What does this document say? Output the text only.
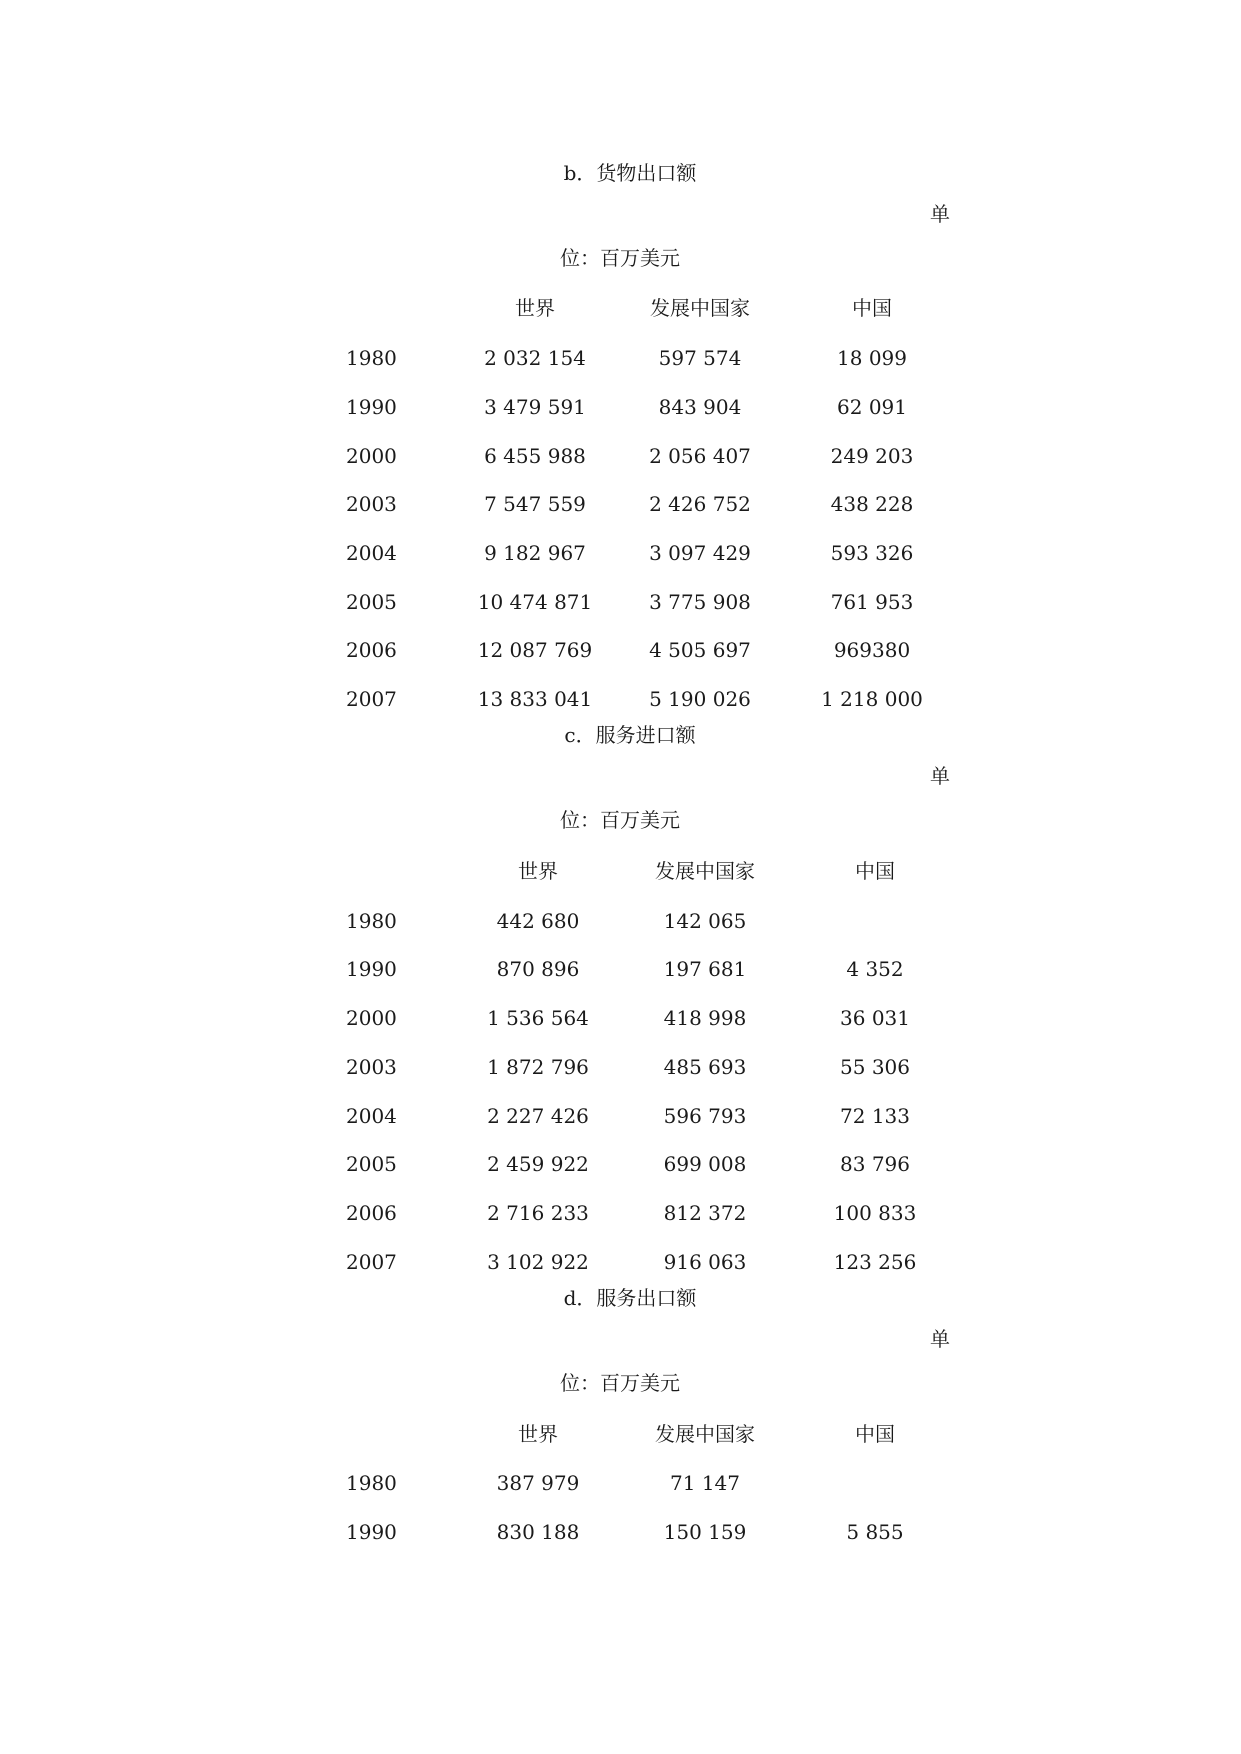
b．货物出口额
单
位：百万美元
世界	发展中国家	中国
1980	2 032 154	597 574	18 099
1990	3 479 591	843 904	62 091
2000	6 455 988	2 056 407	249 203
2003	7 547 559	2 426 752	438 228
2004	9 182 967	3 097 429	593 326
2005	10 474 871	3 775 908	761 953
2006	12 087 769	4 505 697	969380
2007	13 833 041	5 190 026	1 218 000
c．服务进口额
单
位：百万美元
世界	发展中国家	中国
1980	442 680	142 065
1990	870 896	197 681	4 352
2000	1 536 564	418 998	36 031
2003	1 872 796	485 693	55 306
2004	2 227 426	596 793	72 133
2005	2 459 922	699 008	83 796
2006	2 716 233	812 372	100 833
2007	3 102 922	916 063	123 256
d．服务出口额
单
位：百万美元
世界	发展中国家	中国
1980	387 979	71 147
1990	830 188	150 159	5 855
